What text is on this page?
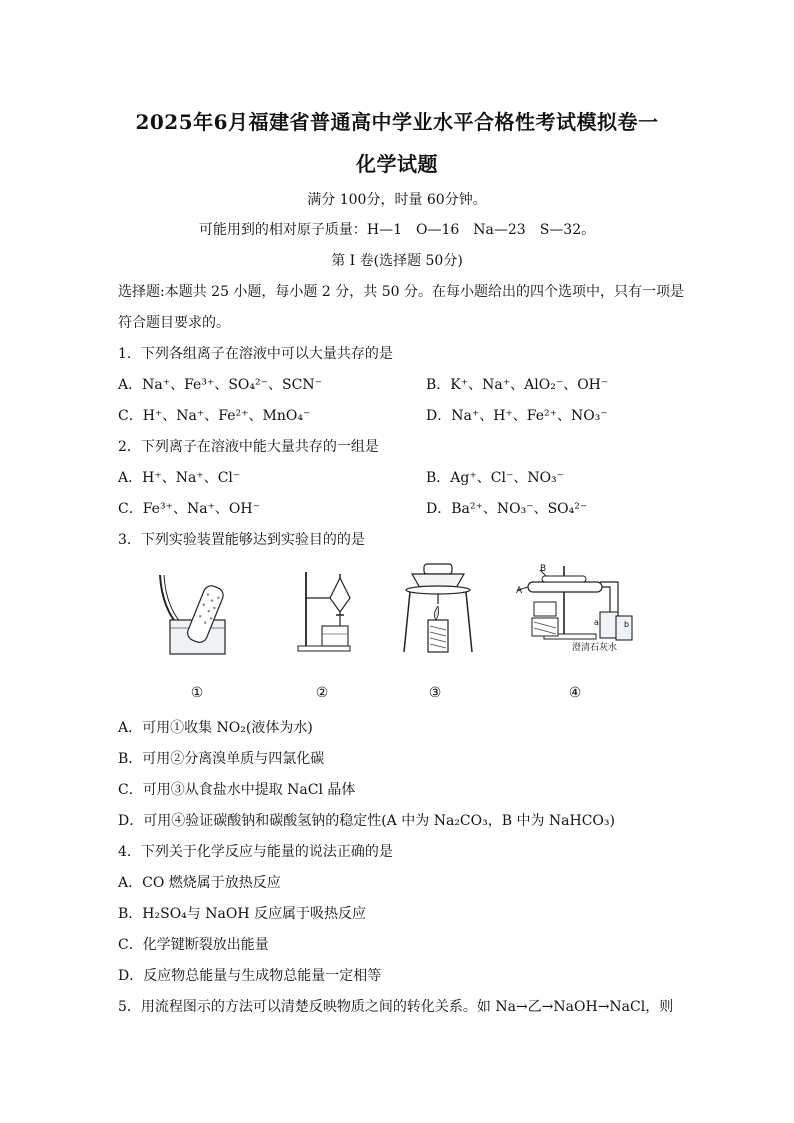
2025年6月福建省普通高中学业水平合格性考试模拟卷一
化学试题
满分 100分，时量 60分钟。
可能用到的相对原子质量：H—1　O—16　Na—23　S—32。
第 I 卷(选择题 50分)
选择题:本题共 25 小题，每小题 2 分，共 50 分。在每小题给出的四个选项中，只有一项是
符合题目要求的。
1．下列各组离子在溶液中可以大量共存的是
A．Na⁺、Fe³⁺、SO₄²⁻、SCN⁻	B．K⁺、Na⁺、AlO₂⁻、OH⁻
C．H⁺、Na⁺、Fe²⁺、MnO₄⁻	D．Na⁺、H⁺、Fe²⁺、NO₃⁻
2．下列离子在溶液中能大量共存的一组是
A．H⁺、Na⁺、Cl⁻	B．Ag⁺、Cl⁻、NO₃⁻
C．Fe³⁺、Na⁺、OH⁻	D．Ba²⁺、NO₃⁻、SO₄²⁻
3．下列实验装置能够达到实验目的的是
B
A
a	b
澄清石灰水
①	②	③	④
A．可用①收集 NO₂(液体为水)
B．可用②分离溴单质与四氯化碳
C．可用③从食盐水中提取 NaCl 晶体
D．可用④验证碳酸钠和碳酸氢钠的稳定性(A 中为 Na₂CO₃，B 中为 NaHCO₃)
4．下列关于化学反应与能量的说法正确的是
A．CO 燃烧属于放热反应
B．H₂SO₄与 NaOH 反应属于吸热反应
C．化学键断裂放出能量
D．反应物总能量与生成物总能量一定相等
5．用流程图示的方法可以清楚反映物质之间的转化关系。如 Na→乙→NaOH→NaCl，则
